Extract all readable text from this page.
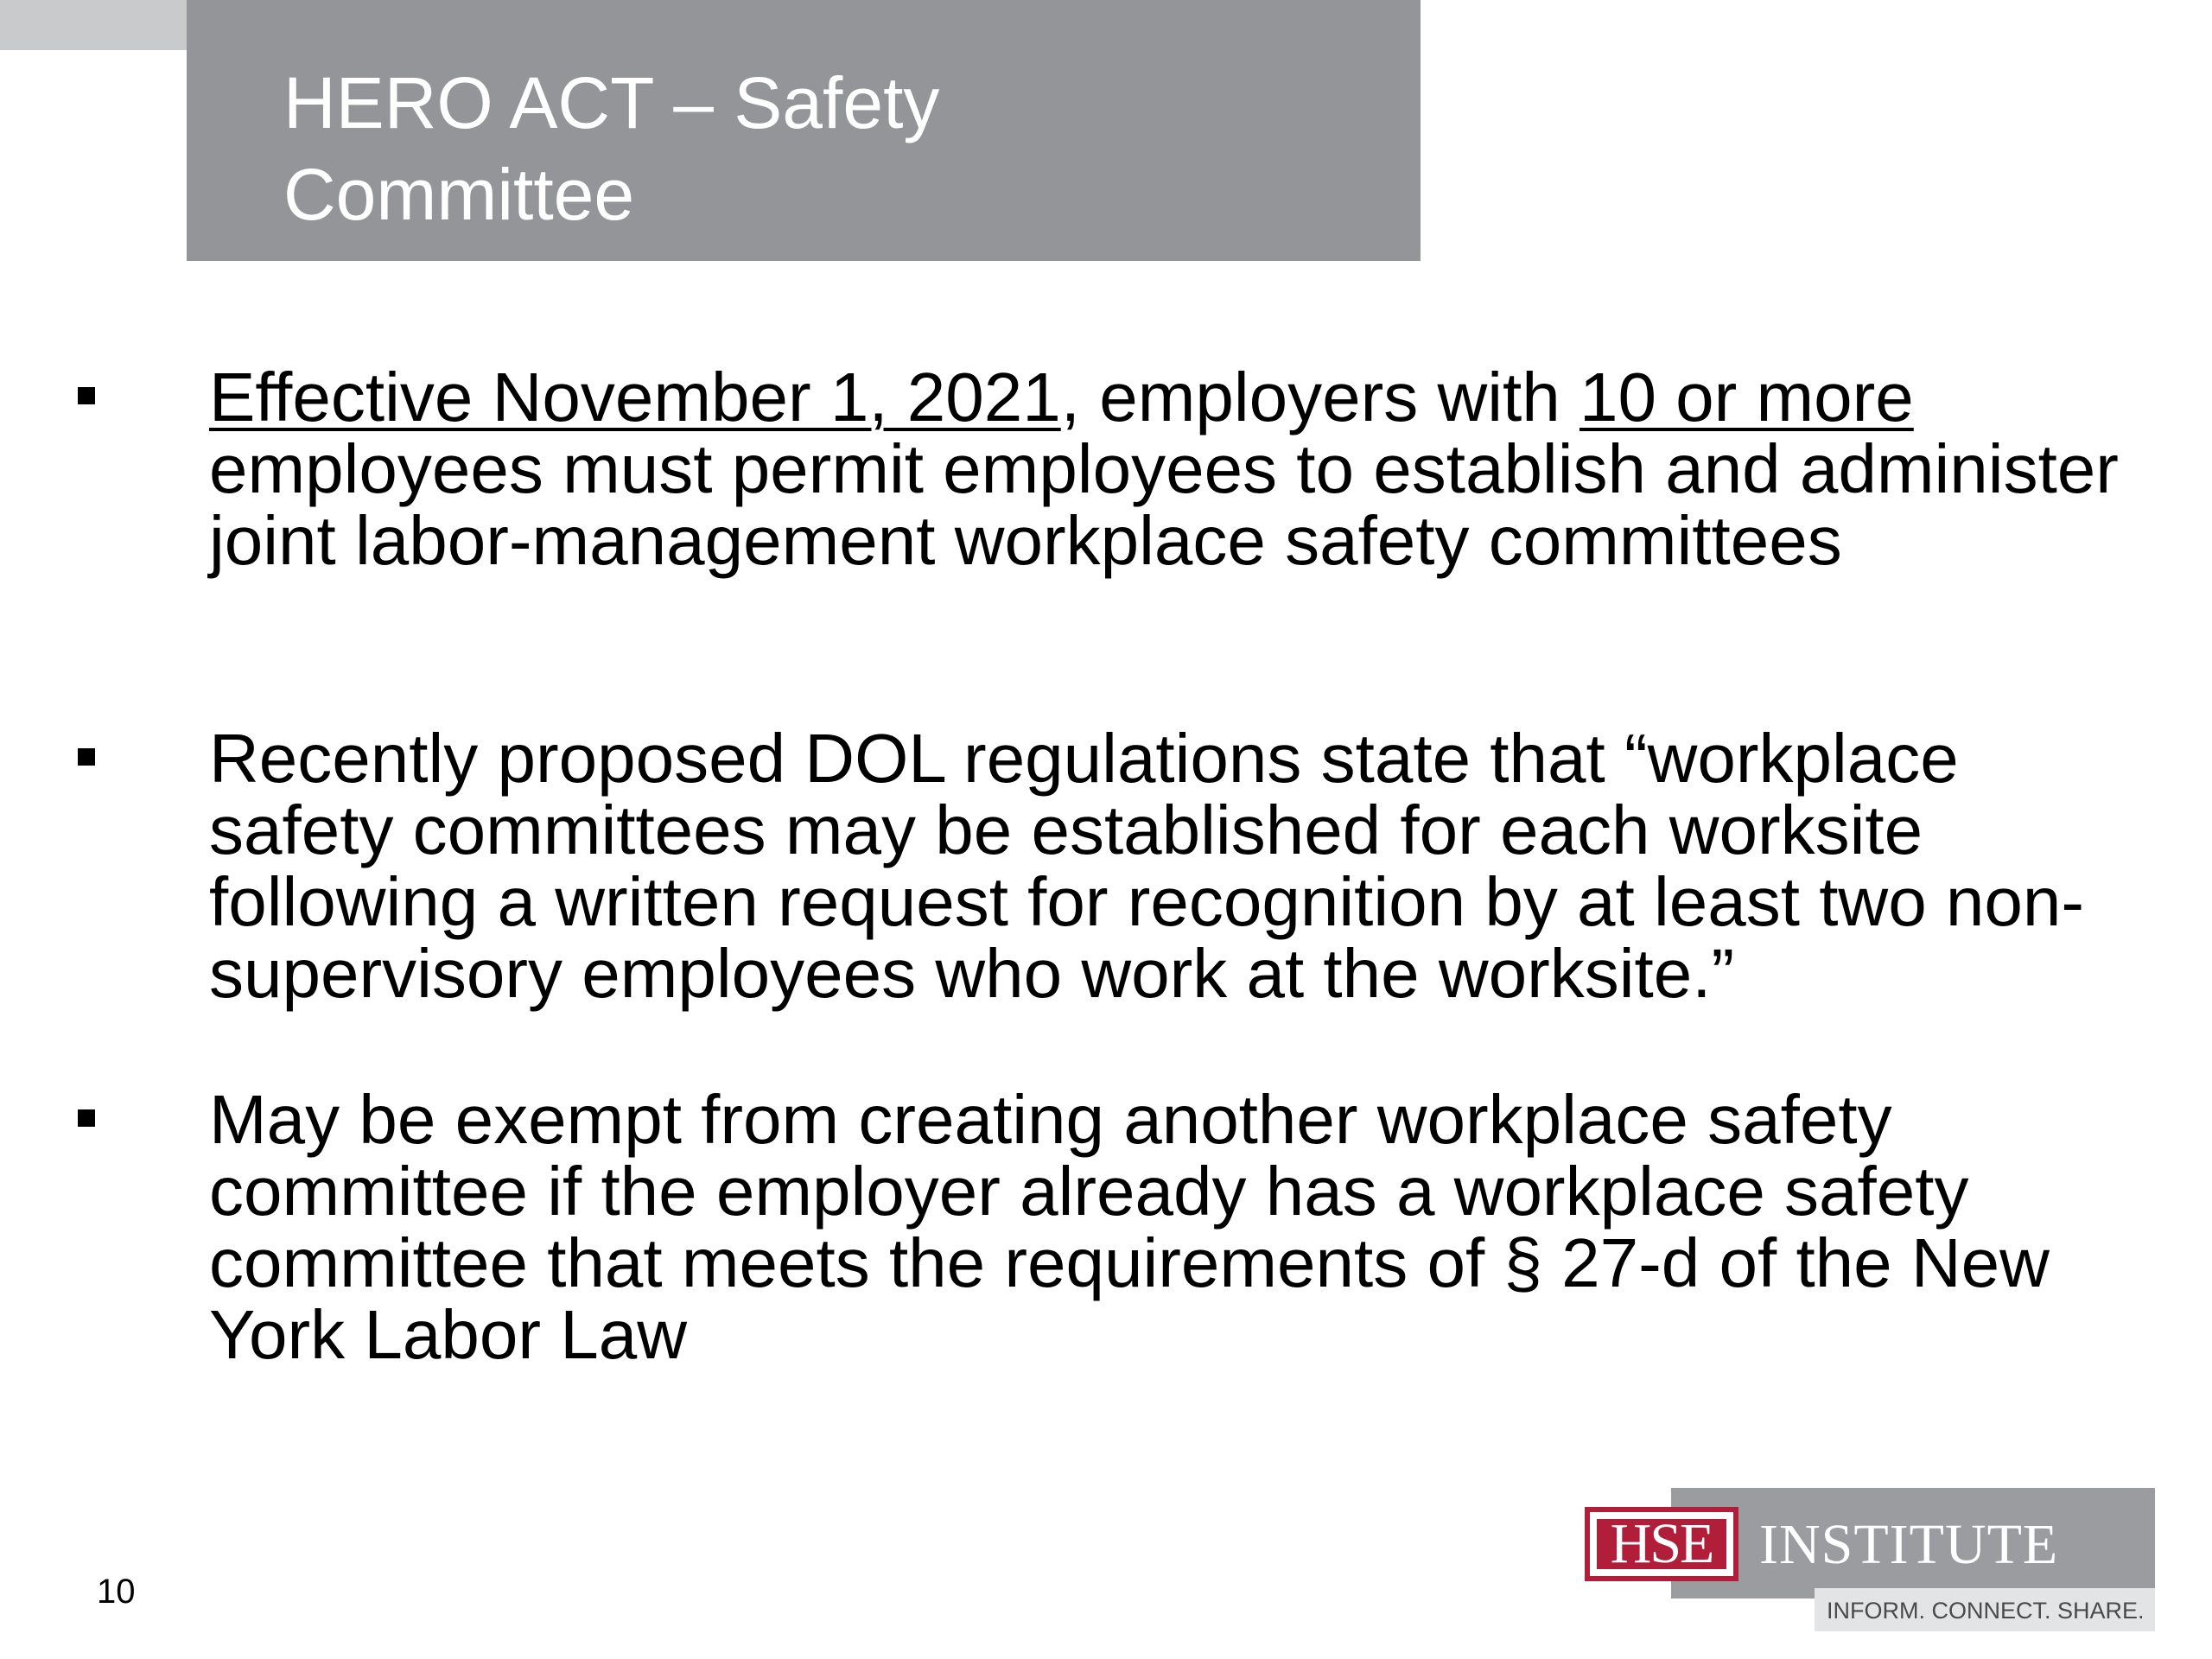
HERO ACT – Safety
Committee

Effective November 1, 2021, employers with 10 or more employees must permit employees to establish and administer joint labor-management workplace safety committees

Recently proposed DOL regulations state that “workplace safety committees may be established for each worksite following a written request for recognition by at least two non-supervisory employees who work at the worksite.”

May be exempt from creating another workplace safety committee if the employer already has a workplace safety committee that meets the requirements of § 27-d of the New York Labor Law

10
HSE INSTITUTE
INFORM. CONNECT. SHARE.
